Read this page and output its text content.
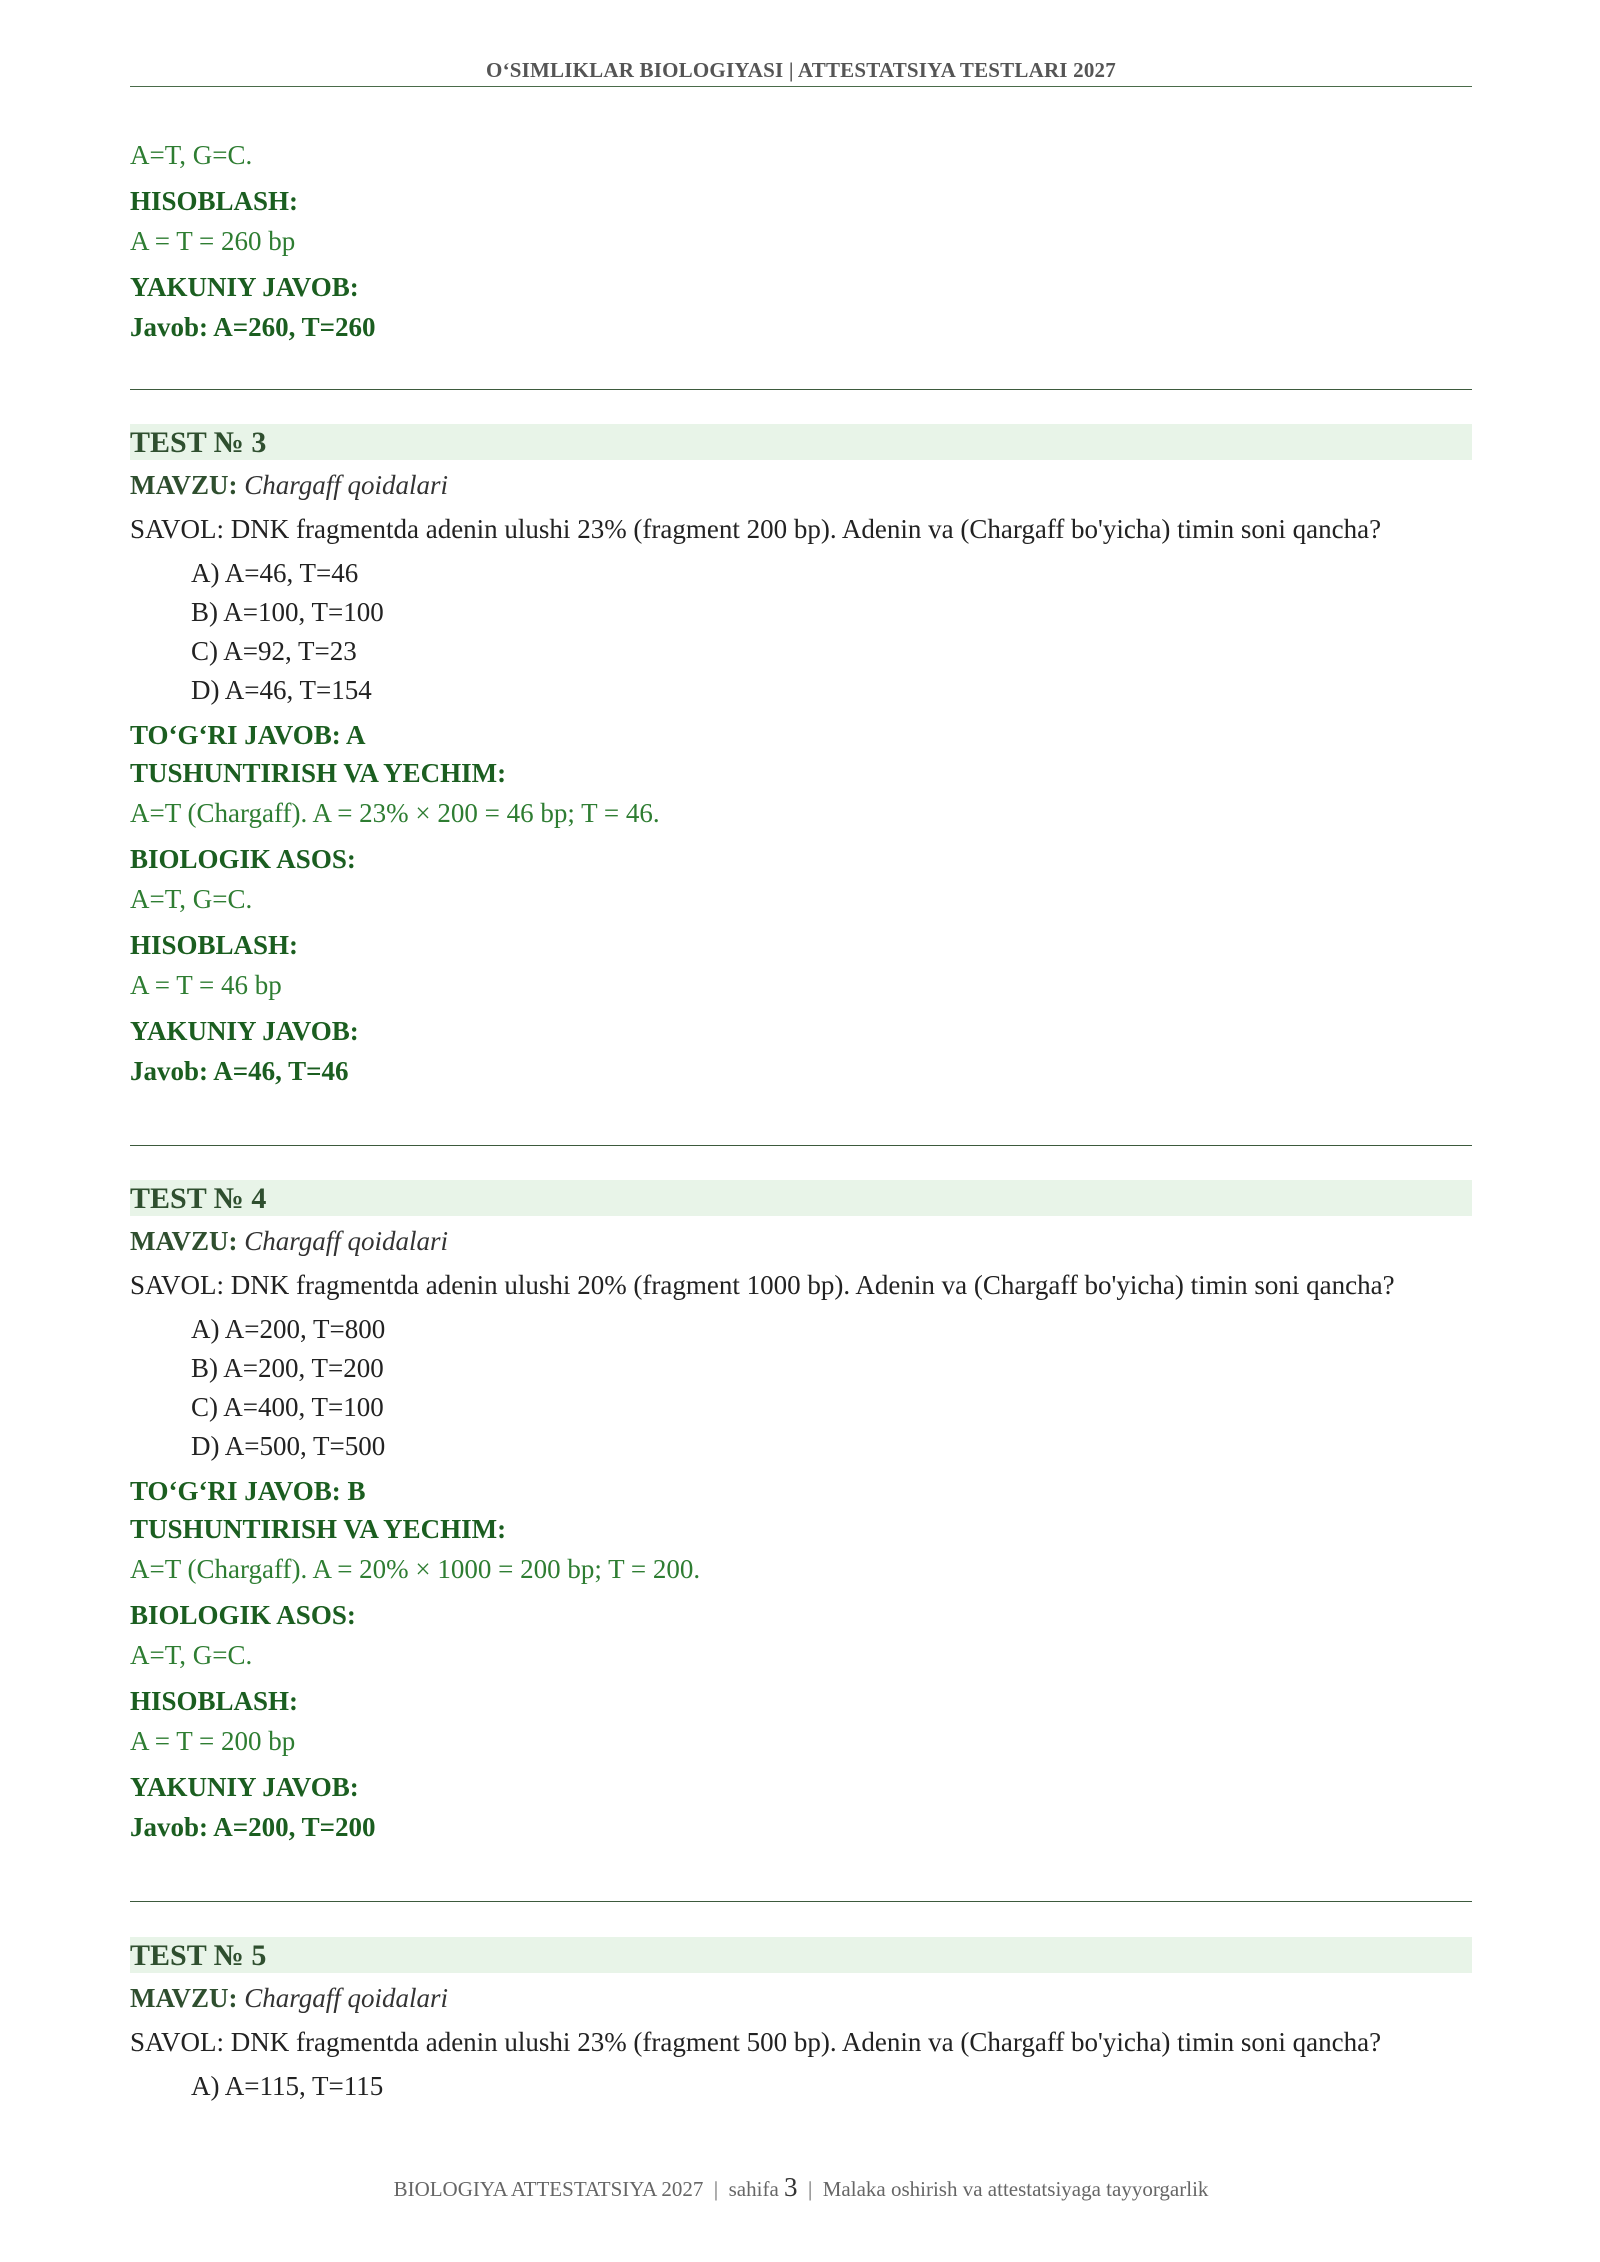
O‘SIMLIKLAR BIOLOGIYASI | ATTESTATSIYA TESTLARI 2027

A=T, G=C.

HISOBLASH:

A = T = 260 bp

YAKUNIY JAVOB:

Javob: A=260, T=260

TEST № 3
MAVZU: Chargaff qoidalari
SAVOL: DNK fragmentda adenin ulushi 23% (fragment 200 bp). Adenin va (Chargaff bo'yicha) timin soni qancha?
A) A=46, T=46
B) A=100, T=100
C) A=92, T=23
D) A=46, T=154

TO‘G‘RI JAVOB: A

TUSHUNTIRISH VA YECHIM:

A=T (Chargaff). A = 23% × 200 = 46 bp; T = 46.

BIOLOGIK ASOS:

A=T, G=C.

HISOBLASH:

A = T = 46 bp

YAKUNIY JAVOB:

Javob: A=46, T=46

TEST № 4
MAVZU: Chargaff qoidalari
SAVOL: DNK fragmentda adenin ulushi 20% (fragment 1000 bp). Adenin va (Chargaff bo'yicha) timin soni qancha?
A) A=200, T=800
B) A=200, T=200
C) A=400, T=100
D) A=500, T=500

TO‘G‘RI JAVOB: B

TUSHUNTIRISH VA YECHIM:

A=T (Chargaff). A = 20% × 1000 = 200 bp; T = 200.

BIOLOGIK ASOS:

A=T, G=C.

HISOBLASH:

A = T = 200 bp

YAKUNIY JAVOB:

Javob: A=200, T=200

TEST № 5
MAVZU: Chargaff qoidalari
SAVOL: DNK fragmentda adenin ulushi 23% (fragment 500 bp). Adenin va (Chargaff bo'yicha) timin soni qancha?
A) A=115, T=115
BIOLOGIYA ATTESTATSIYA 2027 | sahifa 3 | Malaka oshirish va attestatsiyaga tayyorgarlik
